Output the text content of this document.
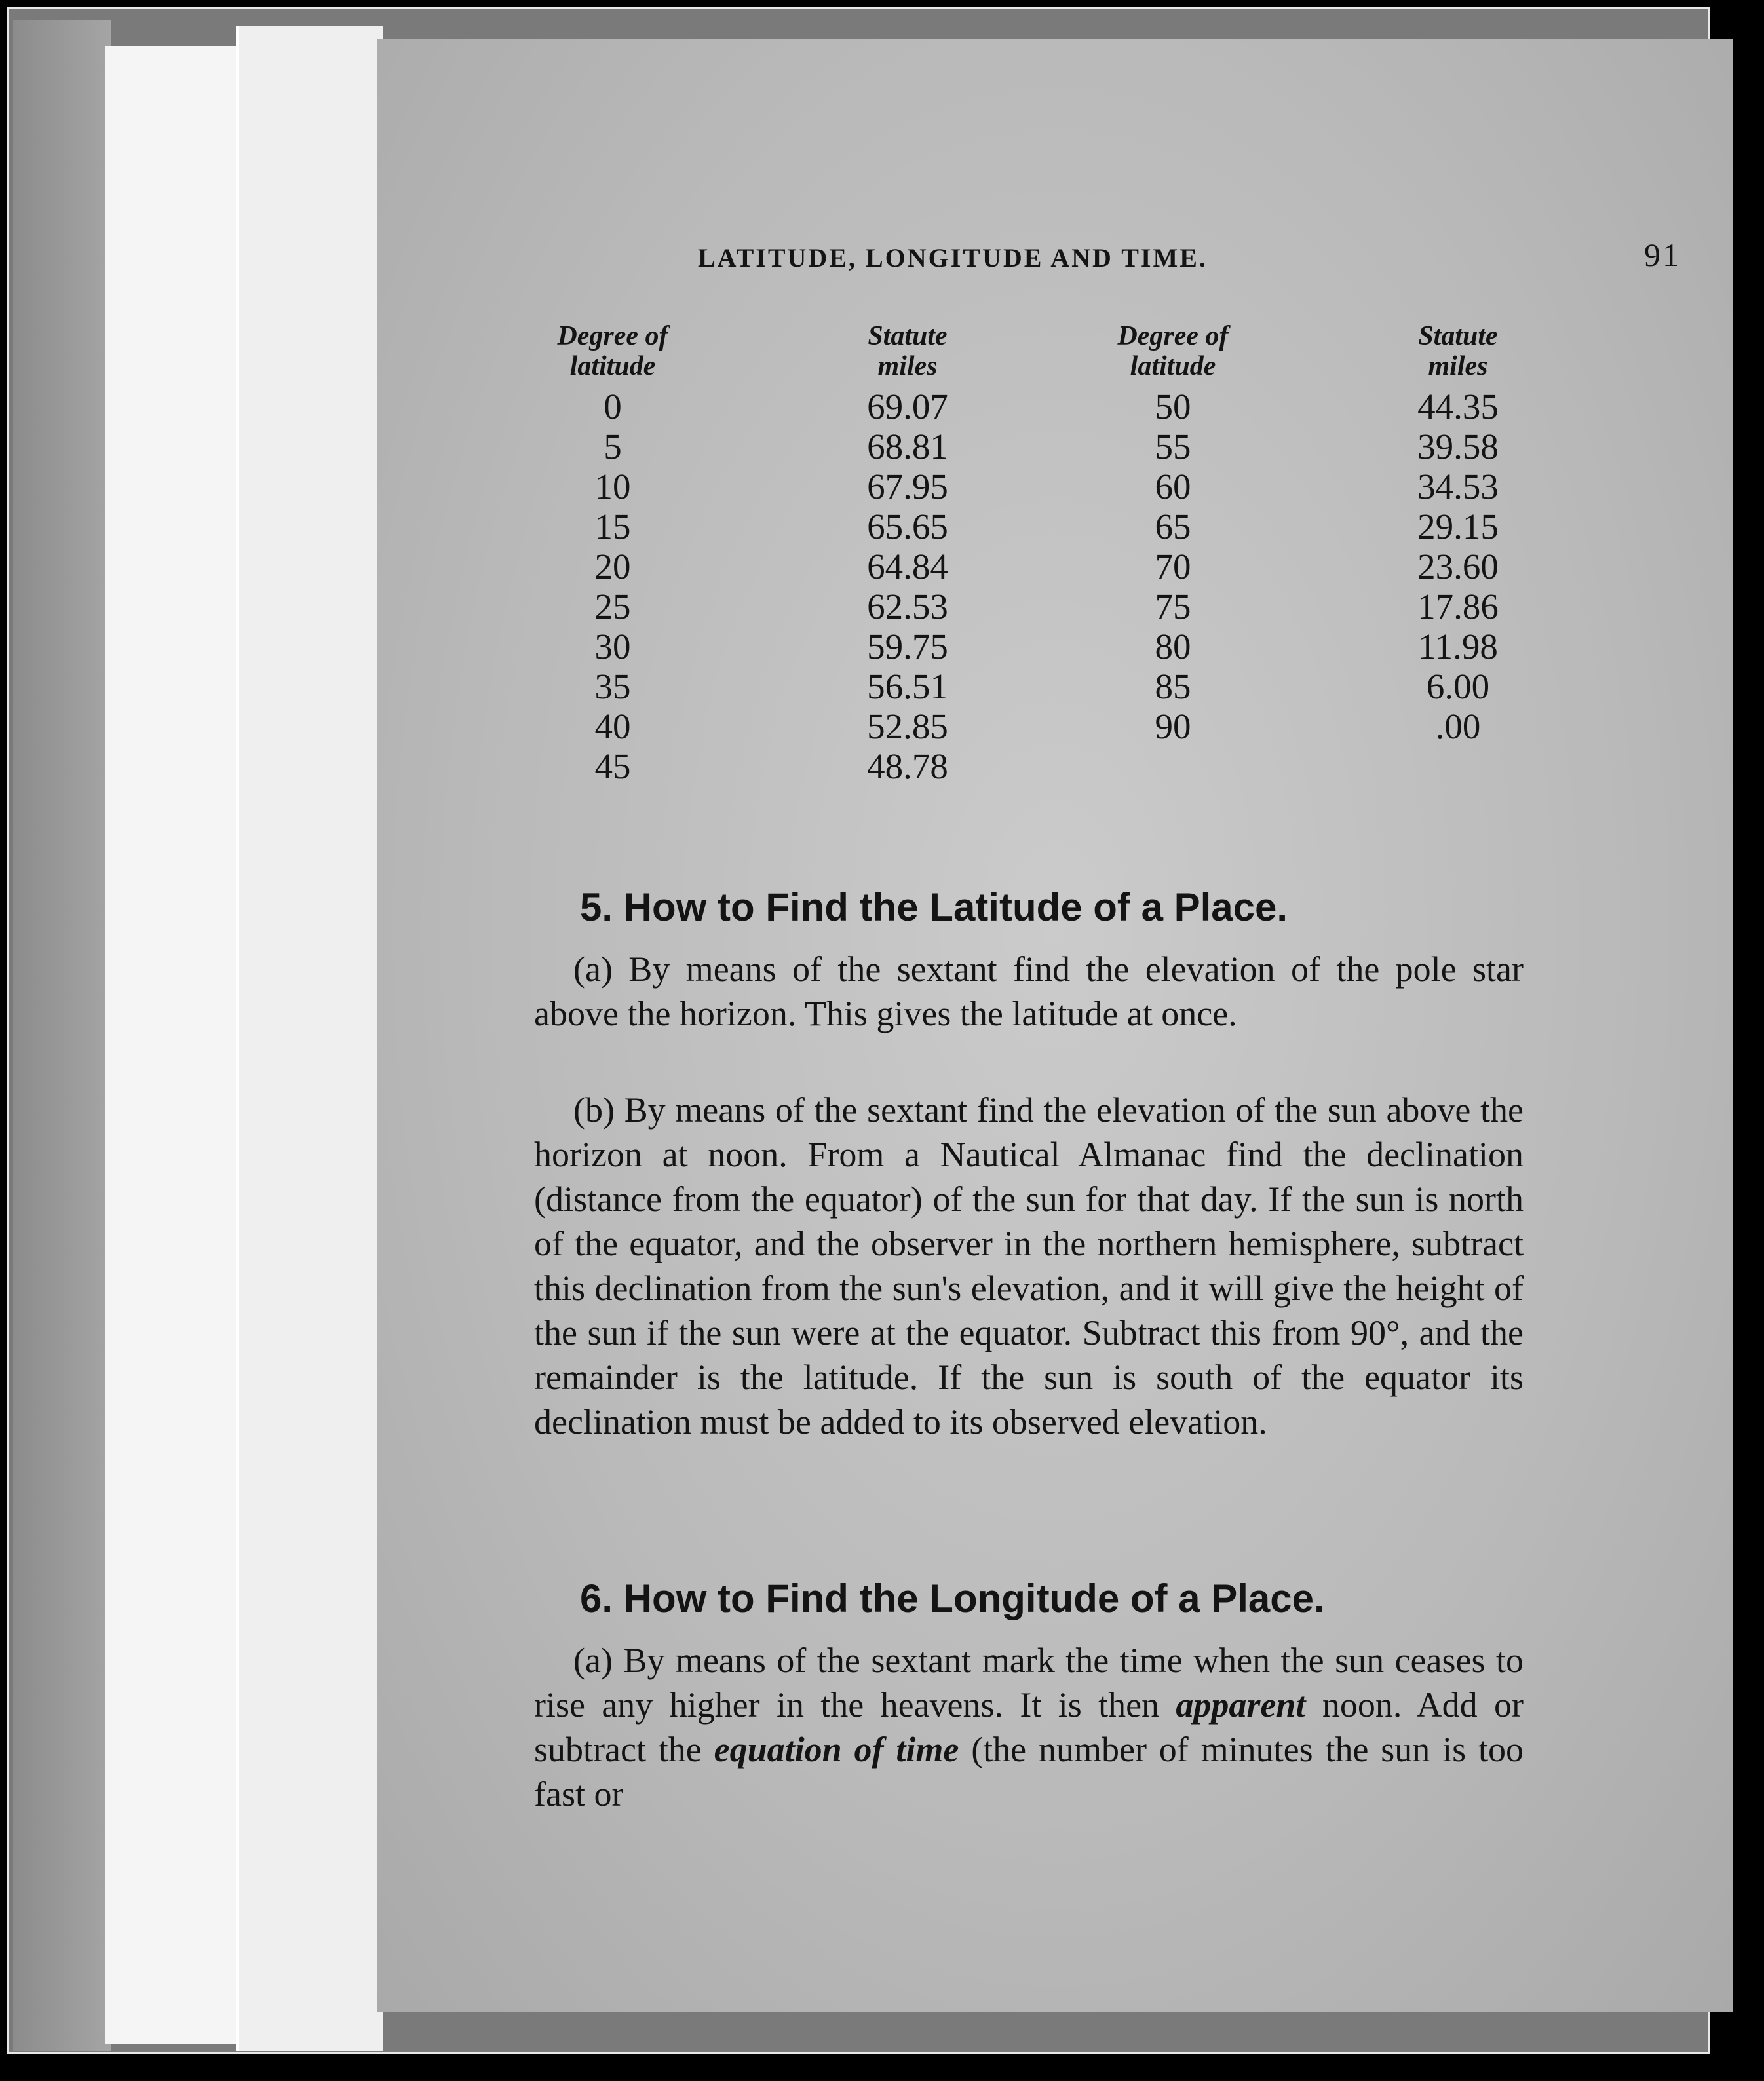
LATITUDE, LONGITUDE AND TIME.	91
Degree of
latitude
0
5
10
15
20
25
30
35
40
45
Statute
miles
69.07
68.81
67.95
65.65
64.84
62.53
59.75
56.51
52.85
48.78
Degree of
latitude
50
55
60
65
70
75
80
85
90
Statute
miles
44.35
39.58
34.53
29.15
23.60
17.86
11.98
6.00
.00
5. How to Find the Latitude of a Place.
(a) By means of the sextant find the elevation of the pole star above the horizon. This gives the latitude at once.
(b) By means of the sextant find the elevation of the sun above the horizon at noon. From a Nautical Almanac find the declination (distance from the equator) of the sun for that day. If the sun is north of the equator, and the observer in the northern hemisphere, subtract this declination from the sun's elevation, and it will give the height of the sun if the sun were at the equator. Subtract this from 90°, and the remainder is the latitude. If the sun is south of the equator its declination must be added to its observed elevation.
6. How to Find the Longitude of a Place.
(a) By means of the sextant mark the time when the sun ceases to rise any higher in the heavens. It is then apparent noon. Add or subtract the equation of time (the number of minutes the sun is too fast or
